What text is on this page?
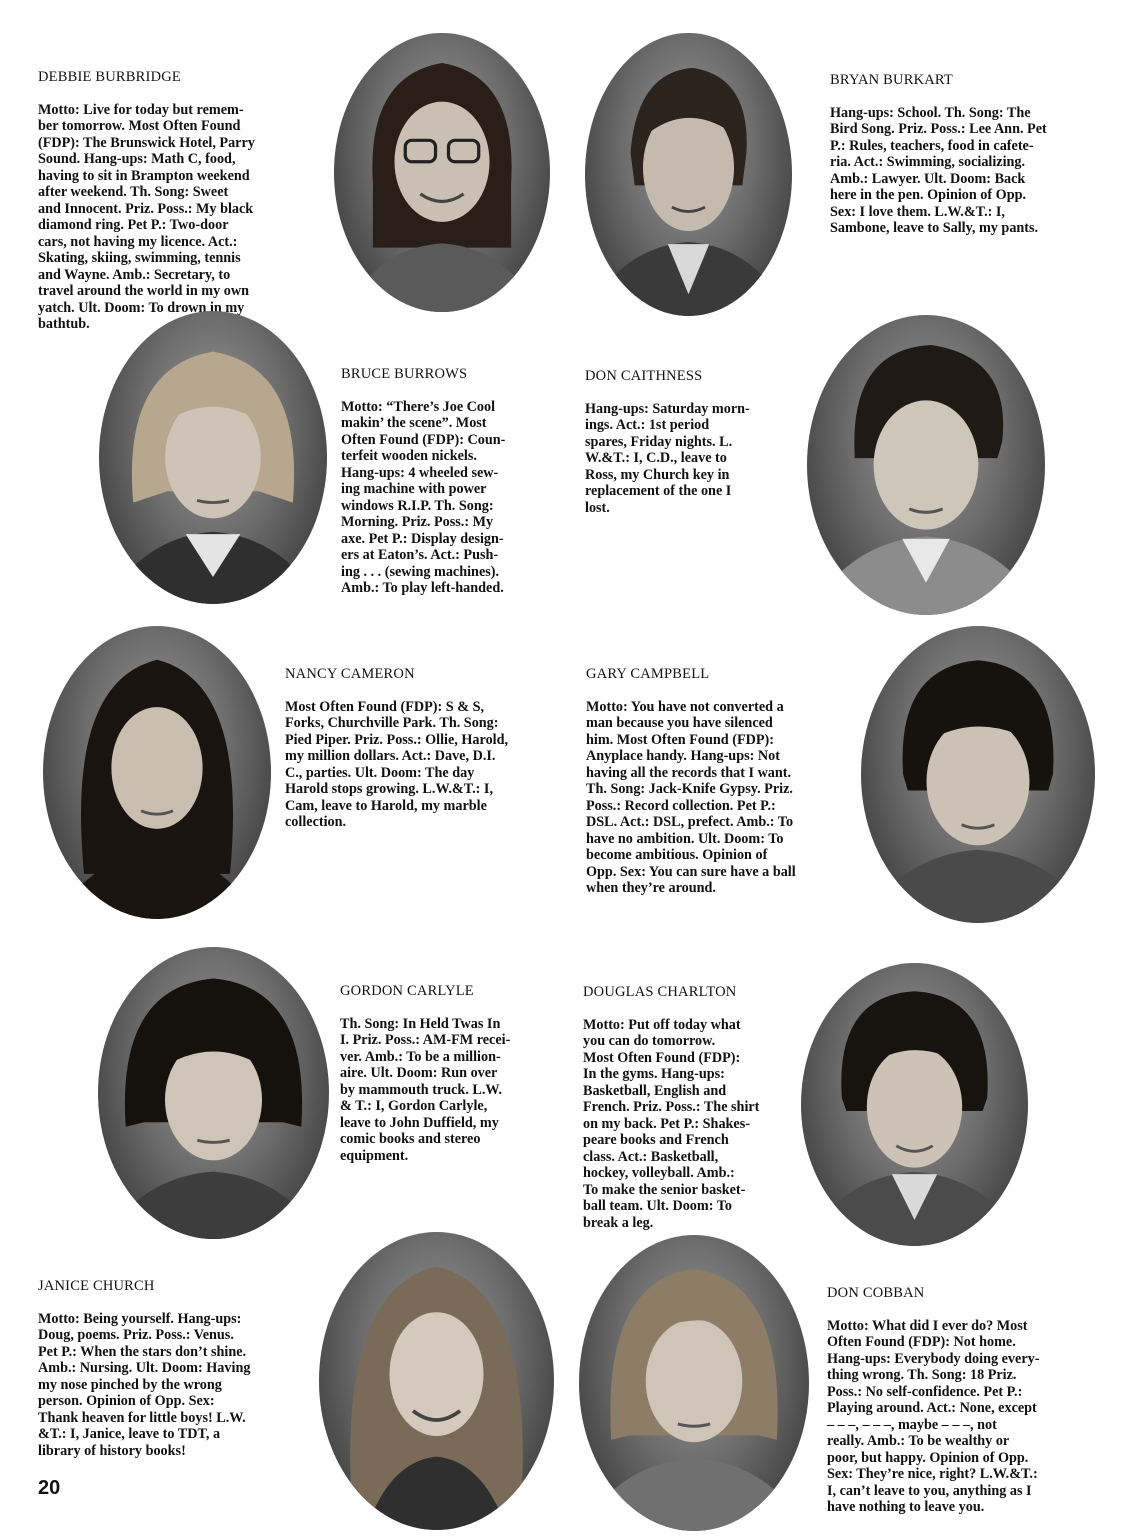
DEBBIE BURBRIDGE

Motto: Live for today but remem-
ber tomorrow. Most Often Found
(FDP): The Brunswick Hotel, Parry
Sound. Hang-ups: Math C, food,
having to sit in Brampton weekend
after weekend. Th. Song: Sweet
and Innocent. Priz. Poss.: My black
diamond ring. Pet P.: Two-door
cars, not having my licence. Act.:
Skating, skiing, swimming, tennis
and Wayne. Amb.: Secretary, to
travel around the world in my own
yatch. Ult. Doom: To drown in my
bathtub.

BRYAN BURKART

Hang-ups: School. Th. Song: The
Bird Song. Priz. Poss.: Lee Ann. Pet
P.: Rules, teachers, food in cafete-
ria. Act.: Swimming, socializing.
Amb.: Lawyer. Ult. Doom: Back
here in the pen. Opinion of Opp.
Sex: I love them. L.W.&T.: I,
Sambone, leave to Sally, my pants.

BRUCE BURROWS

Motto: “There’s Joe Cool
makin’ the scene”. Most
Often Found (FDP): Coun-
terfeit wooden nickels.
Hang-ups: 4 wheeled sew-
ing machine with power
windows R.I.P. Th. Song:
Morning. Priz. Poss.: My
axe. Pet P.: Display design-
ers at Eaton’s. Act.: Push-
ing . . . (sewing machines).
Amb.: To play left-handed.

DON CAITHNESS

Hang-ups: Saturday morn-
ings. Act.: 1st period
spares, Friday nights. L.
W.&T.: I, C.D., leave to
Ross, my Church key in
replacement of the one I
lost.

NANCY CAMERON

Most Often Found (FDP): S & S,
Forks, Churchville Park. Th. Song:
Pied Piper. Priz. Poss.: Ollie, Harold,
my million dollars. Act.: Dave, D.I.
C., parties. Ult. Doom: The day
Harold stops growing. L.W.&T.: I,
Cam, leave to Harold, my marble
collection.

GARY CAMPBELL

Motto: You have not converted a
man because you have silenced
him. Most Often Found (FDP):
Anyplace handy. Hang-ups: Not
having all the records that I want.
Th. Song: Jack-Knife Gypsy. Priz.
Poss.: Record collection. Pet P.:
DSL. Act.: DSL, prefect. Amb.: To
have no ambition. Ult. Doom: To
become ambitious. Opinion of
Opp. Sex: You can sure have a ball
when they’re around.

GORDON CARLYLE

Th. Song: In Held Twas In
I. Priz. Poss.: AM-FM recei-
ver. Amb.: To be a million-
aire. Ult. Doom: Run over
by mammouth truck. L.W.
& T.: I, Gordon Carlyle,
leave to John Duffield, my
comic books and stereo
equipment.

DOUGLAS CHARLTON

Motto: Put off today what
you can do tomorrow.
Most Often Found (FDP):
In the gyms. Hang-ups:
Basketball, English and
French. Priz. Poss.: The shirt
on my back. Pet P.: Shakes-
peare books and French
class. Act.: Basketball,
hockey, volleyball. Amb.:
To make the senior basket-
ball team. Ult. Doom: To
break a leg.

JANICE CHURCH

Motto: Being yourself. Hang-ups:
Doug, poems. Priz. Poss.: Venus.
Pet P.: When the stars don’t shine.
Amb.: Nursing. Ult. Doom: Having
my nose pinched by the wrong
person. Opinion of Opp. Sex:
Thank heaven for little boys! L.W.
&T.: I, Janice, leave to TDT, a
library of history books!

DON COBBAN

Motto: What did I ever do? Most
Often Found (FDP): Not home.
Hang-ups: Everybody doing every-
thing wrong. Th. Song: 18 Priz.
Poss.: No self-confidence. Pet P.:
Playing around. Act.: None, except
– – –, – – –, maybe – – –, not
really. Amb.: To be wealthy or
poor, but happy. Opinion of Opp.
Sex: They’re nice, right? L.W.&T.:
I, can’t leave to you, anything as I
have nothing to leave you.

20
